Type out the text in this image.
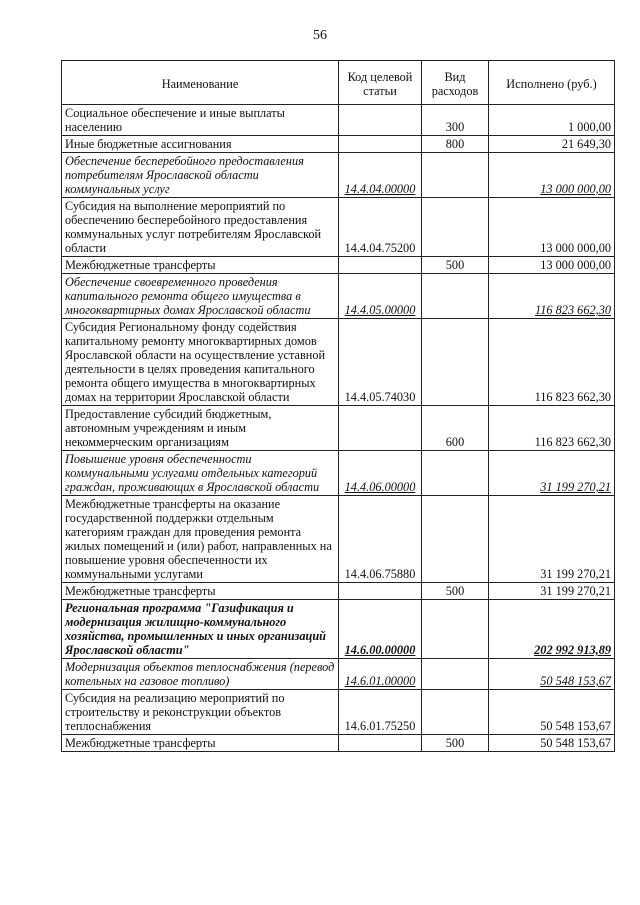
56
Наименование	Код целевой статьи	Вид расходов	Исполнено (руб.)
Социальное обеспечение и иные выплаты населению		300	1 000,00
Иные бюджетные ассигнования		800	21 649,30
Обеспечение бесперебойного предоставления потребителям Ярославской области коммунальных услуг	14.4.04.00000		13 000 000,00
Субсидия на выполнение мероприятий по обеспечению бесперебойного предоставления коммунальных услуг потребителям Ярославской области	14.4.04.75200		13 000 000,00
Межбюджетные трансферты		500	13 000 000,00
Обеспечение своевременного проведения капитального ремонта общего имущества в многоквартирных домах Ярославской области	14.4.05.00000		116 823 662,30
Субсидия Региональному фонду содействия капитальному ремонту многоквартирных домов Ярославской области на осуществление уставной деятельности в целях проведения капитального ремонта общего имущества в многоквартирных домах на территории Ярославской области	14.4.05.74030		116 823 662,30
Предоставление субсидий бюджетным, автономным учреждениям и иным некоммерческим организациям		600	116 823 662,30
Повышение уровня обеспеченности коммунальными услугами отдельных категорий граждан, проживающих в Ярославской области	14.4.06.00000		31 199 270,21
Межбюджетные трансферты на оказание государственной поддержки отдельным категориям граждан для проведения ремонта жилых помещений и (или) работ, направленных на повышение уровня обеспеченности их коммунальными услугами	14.4.06.75880		31 199 270,21
Межбюджетные трансферты		500	31 199 270,21
Региональная программа "Газификация и модернизация жилищно-коммунального хозяйства, промышленных и иных организаций Ярославской области"	14.6.00.00000		202 992 913,89
Модернизация объектов теплоснабжения (перевод котельных на газовое топливо)	14.6.01.00000		50 548 153,67
Субсидия на реализацию мероприятий по строительству и реконструкции объектов теплоснабжения	14.6.01.75250		50 548 153,67
Межбюджетные трансферты		500	50 548 153,67
